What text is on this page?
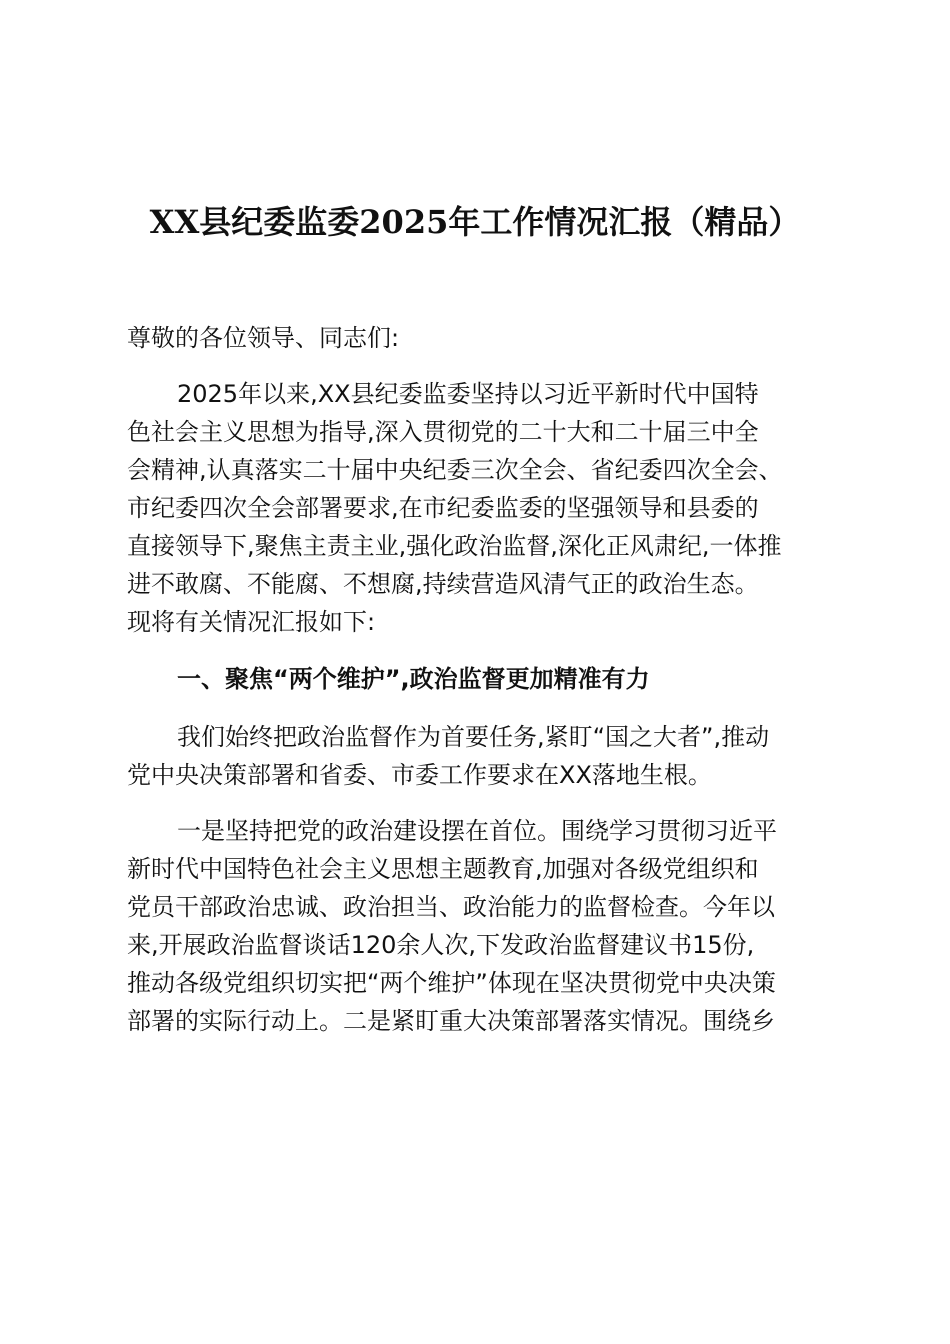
XX县纪委监委2025年工作情况汇报（精品）
尊敬的各位领导、同志们:
2025年以来,XX县纪委监委坚持以习近平新时代中国特
色社会主义思想为指导,深入贯彻党的二十大和二十届三中全
会精神,认真落实二十届中央纪委三次全会、省纪委四次全会、
市纪委四次全会部署要求,在市纪委监委的坚强领导和县委的
直接领导下,聚焦主责主业,强化政治监督,深化正风肃纪,一体推
进不敢腐、不能腐、不想腐,持续营造风清气正的政治生态。
现将有关情况汇报如下:
一、聚焦“两个维护”,政治监督更加精准有力
我们始终把政治监督作为首要任务,紧盯“国之大者”,推动
党中央决策部署和省委、市委工作要求在XX落地生根。
一是坚持把党的政治建设摆在首位。围绕学习贯彻习近平
新时代中国特色社会主义思想主题教育,加强对各级党组织和
党员干部政治忠诚、政治担当、政治能力的监督检查。今年以
来,开展政治监督谈话120余人次,下发政治监督建议书15份,
推动各级党组织切实把“两个维护”体现在坚决贯彻党中央决策
部署的实际行动上。二是紧盯重大决策部署落实情况。围绕乡
